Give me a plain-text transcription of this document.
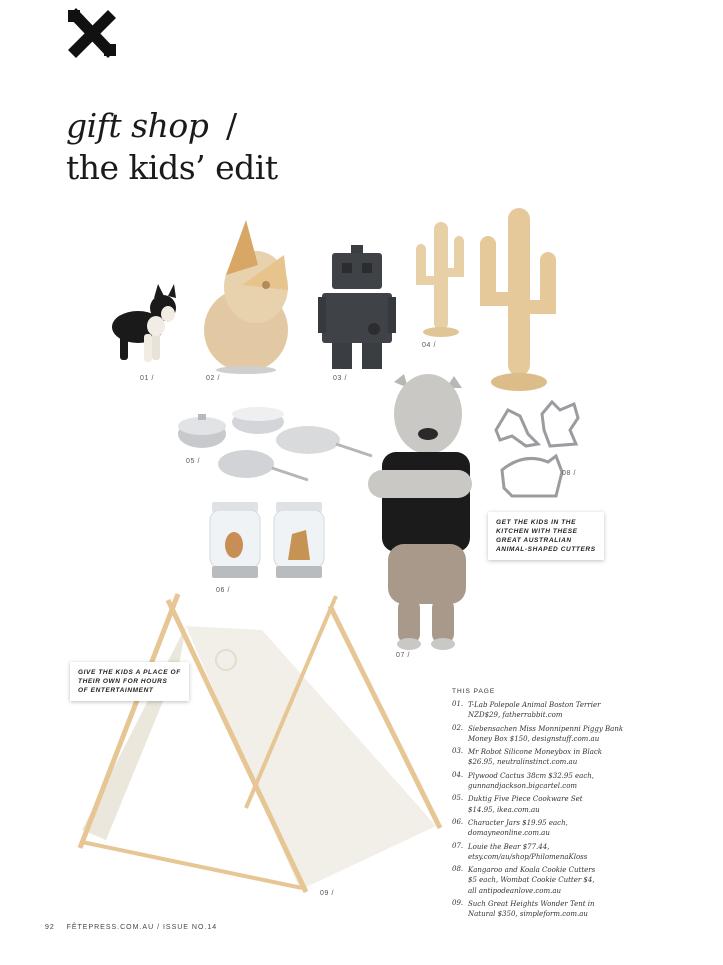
gift shop /
the kids’ edit
01 /	02 /	03 /
04 /
05 /
06 /
07 /
08 /
GET THE KIDS IN THE
KITCHEN WITH THESE
GREAT AUSTRALIAN
ANIMAL-SHAPED CUTTERS
09 /
GIVE THE KIDS A PLACE OF
THEIR OWN FOR HOURS
OF ENTERTAINMENT	THIS PAGE
01. T-Lab Polepole Animal Boston Terrier
NZD$29, fatherrabbit.com
02. Siebensachen Miss Monnipenni Piggy Bank
Money Box $150, designstuff.com.au
03. Mr Robot Silicone Moneybox in Black
$26.95, neutralinstinct.com.au
04. Plywood Cactus 38cm $32.95 each,
gunnandjackson.bigcartel.com
05. Duktig Five Piece Cookware Set
$14.95, ikea.com.au
06. Character Jars $19.95 each,
domayneonline.com.au
07. Louie the Bear $77.44,
etsy.com/au/shop/PhilomenaKloss
08. Kangaroo and Koala Cookie Cutters
$5 each, Wombat Cookie Cutter $4,
all antipodeanlove.com.au
09. Such Great Heights Wonder Tent in
Natural $350, simpleform.com.au
92    FÊTEPRESS.COM.AU / ISSUE NO.14
